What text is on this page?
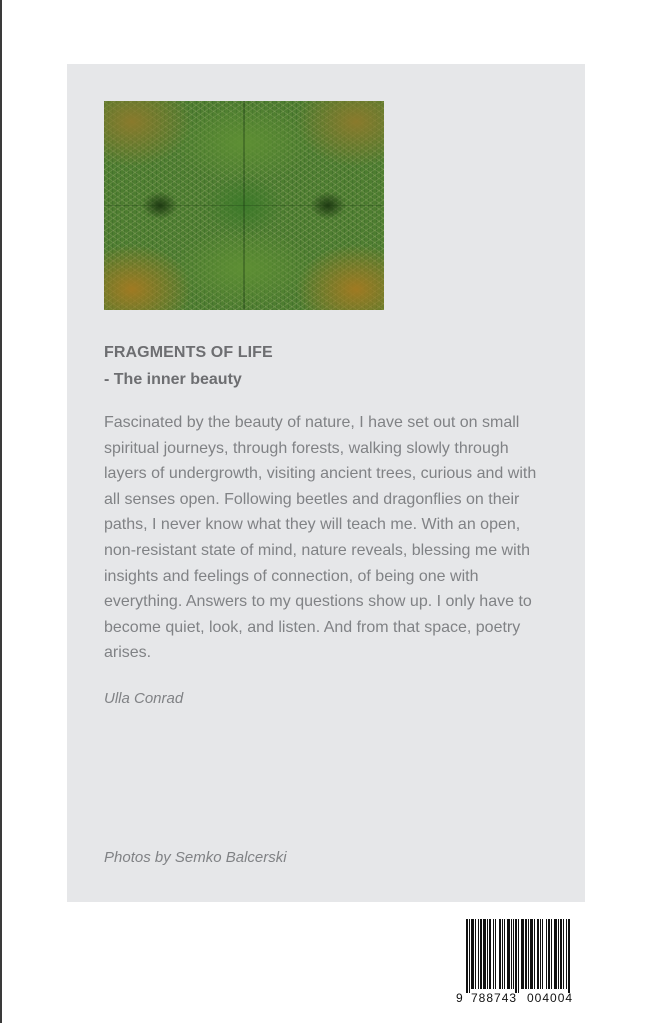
FRAGMENTS OF LIFE
- The inner beauty

Fascinated by the beauty of nature, I have set out on small spiritual journeys, through forests, walking slowly through layers of undergrowth, visiting ancient trees, curious and with all senses open. Following beetles and dragonflies on their paths, I never know what they will teach me. With an open, non-resistant state of mind, nature reveals, blessing me with insights and feelings of connection, of being one with everything. Answers to my questions show up. I only have to become quiet, look, and listen. And from that space, poetry arises.

Ulla Conrad

Photos by Semko Balcerski

9 788743 004004
